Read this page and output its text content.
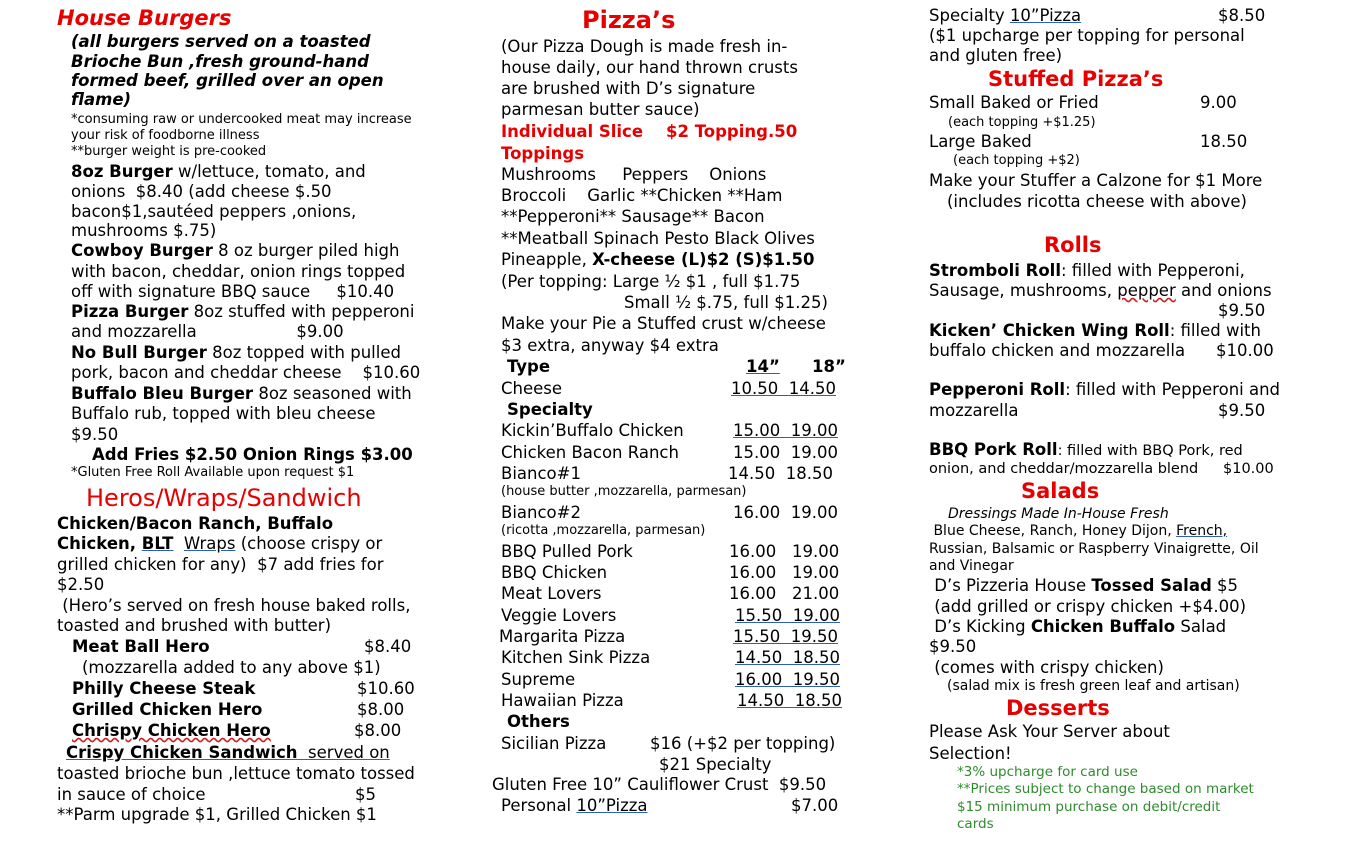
House Burgers
(all burgers served on a toasted
Brioche Bun ,fresh ground-hand
formed beef, grilled over an open
flame)
*consuming raw or undercooked meat may increase
your risk of foodborne illness
**burger weight is pre-cooked
8oz Burger w/lettuce, tomato, and
onions  $8.40 (add cheese $.50
bacon$1,sautéed peppers ,onions,
mushrooms $.75)
Cowboy Burger 8 oz burger piled high
with bacon, cheddar, onion rings topped
off with signature BBQ sauce     $10.40
Pizza Burger 8oz stuffed with pepperoni
and mozzarella                   $9.00
No Bull Burger 8oz topped with pulled
pork, bacon and cheddar cheese    $10.60
Buffalo Bleu Burger 8oz seasoned with
Buffalo rub, topped with bleu cheese
$9.50
Add Fries $2.50 Onion Rings $3.00
*Gluten Free Roll Available upon request $1
Heros/Wraps/Sandwich
Chicken/Bacon Ranch, Buffalo
Chicken, BLT Wraps (choose crispy or
grilled chicken for any)  $7 add fries for
$2.50
(Hero’s served on fresh house baked rolls,
toasted and brushed with butter)
Meat Ball Hero	$8.40
(mozzarella added to any above $1)
Philly Cheese Steak	$10.60
Grilled Chicken Hero	$8.00
Chrispy Chicken Hero	$8.00
Crispy Chicken Sandwich  served on
toasted brioche bun ,lettuce tomato tossed
in sauce of choice	$5
**Parm upgrade $1, Grilled Chicken $1
Pizza’s
(Our Pizza Dough is made fresh in-
house daily, our hand thrown crusts
are brushed with D’s signature
parmesan butter sauce)
Individual Slice    $2 Topping.50
Toppings
Mushrooms     Peppers    Onions
Broccoli    Garlic **Chicken **Ham
**Pepperoni** Sausage** Bacon
**Meatball Spinach Pesto Black Olives
Pineapple, X-cheese (L)$2 (S)$1.50
(Per topping: Large ½ $1 , full $1.75
Small ½ $.75, full $1.25)
Make your Pie a Stuffed crust w/cheese
$3 extra, anyway $4 extra
Type	14” 18”
Cheese	10.50  14.50
Specialty
Kickin’Buffalo Chicken	15.00  19.00
Chicken Bacon Ranch	15.00  19.00
Bianco#1	14.50  18.50
(house butter ,mozzarella, parmesan)
Bianco#2	16.00  19.00
(ricotta ,mozzarella, parmesan)
BBQ Pulled Pork	16.00   19.00
BBQ Chicken	16.00   19.00
Meat Lovers	16.00   21.00
Veggie Lovers	15.50  19.00
Margarita Pizza	15.50  19.50
Kitchen Sink Pizza	14.50  18.50
Supreme	16.00  19.50
Hawaiian Pizza	14.50  18.50
Others
Sicilian Pizza	$16 (+$2 per topping)
$21 Specialty
Gluten Free 10” Cauliflower Crust  $9.50
Personal 10”Pizza	$7.00
Specialty 10”Pizza	$8.50
($1 upcharge per topping for personal
and gluten free)
Stuffed Pizza’s
Small Baked or Fried	9.00
(each topping +$1.25)
Large Baked	18.50
(each topping +$2)
Make your Stuffer a Calzone for $1 More
(includes ricotta cheese with above)
Rolls
Stromboli Roll: filled with Pepperoni,
Sausage, mushrooms, pepper and onions
$9.50
Kicken’ Chicken Wing Roll: filled with
buffalo chicken and mozzarella $10.00
Pepperoni Roll: filled with Pepperoni and
mozzarella	$9.50
BBQ Pork Roll: filled with BBQ Pork, red
onion, and cheddar/mozzarella blend $10.00
Salads
Dressings Made In-House Fresh
Blue Cheese, Ranch, Honey Dijon, French,
Russian, Balsamic or Raspberry Vinaigrette, Oil
and Vinegar
D’s Pizzeria House Tossed Salad $5
(add grilled or crispy chicken +$4.00)
D’s Kicking Chicken Buffalo Salad
$9.50
(comes with crispy chicken)
(salad mix is fresh green leaf and artisan)
Desserts
Please Ask Your Server about
Selection!
*3% upcharge for card use
**Prices subject to change based on market
$15 minimum purchase on debit/credit
cards
